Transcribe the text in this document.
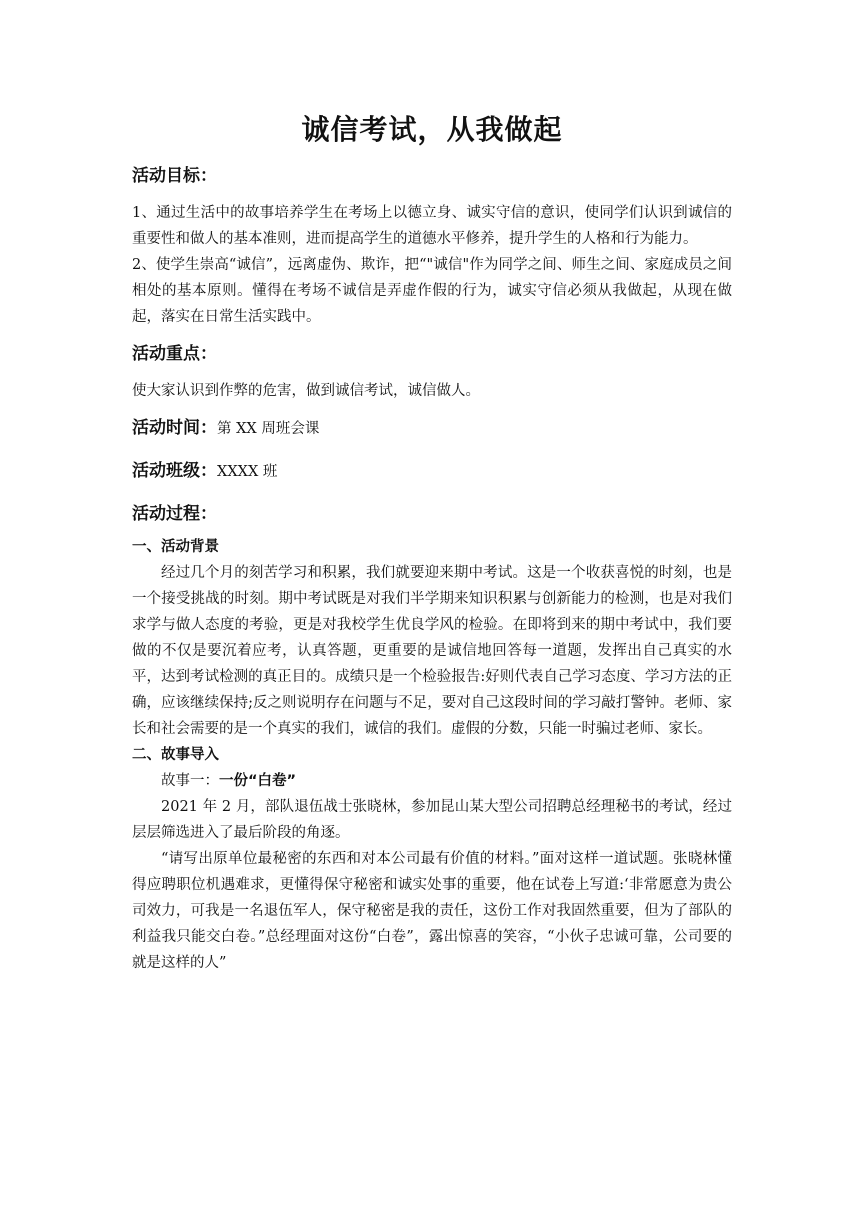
诚信考试，从我做起
活动目标：

1、通过生活中的故事培养学生在考场上以德立身、诚实守信的意识，使同学们认识到诚信的重要性和做人的基本准则，进而提高学生的道德水平修养，提升学生的人格和行为能力。

2、使学生崇高“诚信”，远离虚伪、欺诈，把“"诚信"作为同学之间、师生之间、家庭成员之间相处的基本原则。懂得在考场不诚信是弄虚作假的行为，诚实守信必须从我做起，从现在做起，落实在日常生活实践中。

活动重点：

使大家认识到作弊的危害，做到诚信考试，诚信做人。

活动时间：第 XX 周班会课
活动班级：XXXX 班
活动过程：
一、活动背景

经过几个月的刻苦学习和积累，我们就要迎来期中考试。这是一个收获喜悦的时刻，也是一个接受挑战的时刻。期中考试既是对我们半学期来知识积累与创新能力的检测，也是对我们求学与做人态度的考验，更是对我校学生优良学风的检验。在即将到来的期中考试中，我们要做的不仅是要沉着应考，认真答题，更重要的是诚信地回答每一道题，发挥出自己真实的水平，达到考试检测的真正目的。成绩只是一个检验报告:好则代表自己学习态度、学习方法的正确，应该继续保持;反之则说明存在问题与不足，要对自己这段时间的学习敲打警钟。老师、家长和社会需要的是一个真实的我们，诚信的我们。虚假的分数，只能一时骗过老师、家长。

二、故事导入

故事一：一份“白卷”

2021 年 2 月，部队退伍战士张晓林，参加昆山某大型公司招聘总经理秘书的考试，经过层层筛选进入了最后阶段的角逐。

“请写出原单位最秘密的东西和对本公司最有价值的材料。”面对这样一道试题。张晓林懂得应聘职位机遇难求，更懂得保守秘密和诚实处事的重要，他在试卷上写道:‘非常愿意为贵公司效力，可我是一名退伍军人，保守秘密是我的责任，这份工作对我固然重要，但为了部队的利益我只能交白卷。”总经理面对这份“白卷”，露出惊喜的笑容，“小伙子忠诚可靠，公司要的就是这样的人”
